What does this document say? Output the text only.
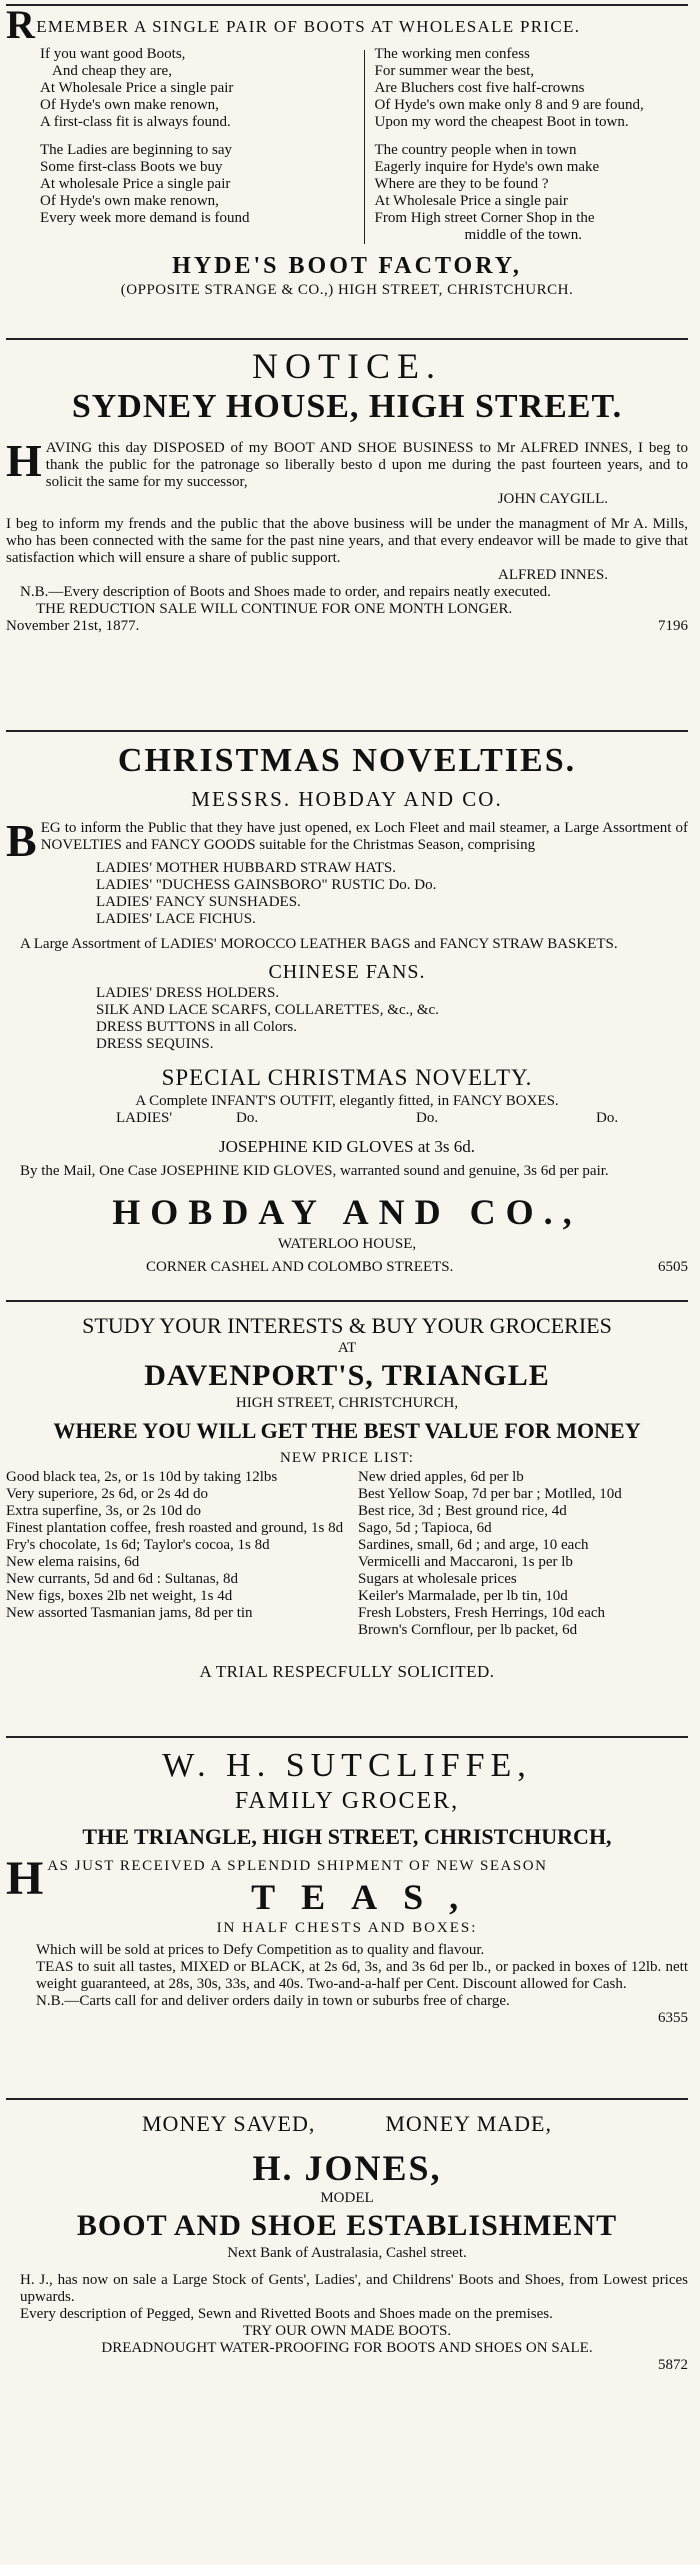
REMEMBER A SINGLE PAIR OF BOOTS AT WHOLESALE PRICE.
If you want good Boots,
And cheap they are,
At Wholesale Price a single pair
Of Hyde's own make renown,
A first-class fit is always found.
The Ladies are beginning to say
Some first-class Boots we buy
At wholesale Price a single pair
Of Hyde's own make renown,
Every week more demand is found
The working men confess
For summer wear the best,
Are Bluchers cost five half-crowns
Of Hyde's own make only 8 and 9 are found,
Upon my word the cheapest Boot in town.
The country people when in town
Eagerly inquire for Hyde's own make
Where are they to be found ?
At Wholesale Price a single pair
From High street Corner Shop in the
middle of the town.
HYDE'S BOOT FACTORY,
(OPPOSITE STRANGE & CO.,) HIGH STREET, CHRISTCHURCH.
NOTICE.
SYDNEY HOUSE, HIGH STREET.
HAVING this day DISPOSED of my BOOT AND SHOE BUSINESS to Mr ALFRED INNES, I beg to thank the public for the patronage so liberally besto d upon me during the past fourteen years, and to solicit the same for my successor,
JOHN CAYGILL.
I beg to inform my frends and the public that the above business will be under the managment of Mr A. Mills, who has been connected with the same for the past nine years, and that every endeavor will be made to give that satisfaction which will ensure a share of public support.
ALFRED INNES.
N.B.—Every description of Boots and Shoes made to order, and repairs neatly executed.
THE REDUCTION SALE WILL CONTINUE FOR ONE MONTH LONGER.
November 21st, 1877.	7196
CHRISTMAS NOVELTIES.
MESSRS. HOBDAY AND CO.
BEG to inform the Public that they have just opened, ex Loch Fleet and mail steamer, a Large Assortment of NOVELTIES and FANCY GOODS suitable for the Christmas Season, comprising
LADIES' MOTHER HUBBARD STRAW HATS.
LADIES' "DUCHESS GAINSBORO" RUSTIC Do. Do.
LADIES' FANCY SUNSHADES.
LADIES' LACE FICHUS.
A Large Assortment of LADIES' MOROCCO LEATHER BAGS and FANCY STRAW BASKETS.
CHINESE FANS.
LADIES' DRESS HOLDERS.
SILK AND LACE SCARFS, COLLARETTES, &c., &c.
DRESS BUTTONS in all Colors.
DRESS SEQUINS.
SPECIAL CHRISTMAS NOVELTY.
A Complete INFANT'S OUTFIT, elegantly fitted, in FANCY BOXES.
LADIES'	Do.	Do.	Do.
JOSEPHINE KID GLOVES at 3s 6d.
By the Mail, One Case JOSEPHINE KID GLOVES, warranted sound and genuine, 3s 6d per pair.
HOBDAY AND CO.,
WATERLOO HOUSE,
CORNER CASHEL AND COLOMBO STREETS.	6505
STUDY YOUR INTERESTS & BUY YOUR GROCERIES
AT
DAVENPORT'S, TRIANGLE
HIGH STREET, CHRISTCHURCH,
WHERE YOU WILL GET THE BEST VALUE FOR MONEY
NEW PRICE LIST:
Good black tea, 2s, or 1s 10d by taking 12lbs
Very superiore, 2s 6d, or 2s 4d do
Extra superfine, 3s, or 2s 10d do
Finest plantation coffee, fresh roasted and ground, 1s 8d
Fry's chocolate, 1s 6d; Taylor's cocoa, 1s 8d
New elema raisins, 6d
New currants, 5d and 6d : Sultanas, 8d
New figs, boxes 2lb net weight, 1s 4d
New assorted Tasmanian jams, 8d per tin
New dried apples, 6d per lb
Best Yellow Soap, 7d per bar ; Motlled, 10d
Best rice, 3d ; Best ground rice, 4d
Sago, 5d ; Tapioca, 6d
Sardines, small, 6d ; and arge, 10 each
Vermicelli and Maccaroni, 1s per lb
Sugars at wholesale prices
Keiler's Marmalade, per lb tin, 10d
Fresh Lobsters, Fresh Herrings, 10d each
Brown's Cornflour, per lb packet, 6d
A TRIAL RESPECFULLY SOLICITED.
W. H. SUTCLIFFE,
FAMILY GROCER,
THE TRIANGLE, HIGH STREET, CHRISTCHURCH,
H AS JUST RECEIVED A SPLENDID SHIPMENT OF NEW SEASON
TEAS,
IN HALF CHESTS AND BOXES:
Which will be sold at prices to Defy Competition as to quality and flavour.
TEAS to suit all tastes, MIXED or BLACK, at 2s 6d, 3s, and 3s 6d per lb., or packed in boxes of 12lb. nett weight guaranteed, at 28s, 30s, 33s, and 40s. Two-and-a-half per Cent. Discount allowed for Cash.
N.B.—Carts call for and deliver orders daily in town or suburbs free of charge.
6355
MONEY SAVED,	MONEY MADE,
H. JONES,
MODEL
BOOT AND SHOE ESTABLISHMENT
Next Bank of Australasia, Cashel street.
H. J., has now on sale a Large Stock of Gents', Ladies', and Childrens' Boots and Shoes, from Lowest prices upwards.
Every description of Pegged, Sewn and Rivetted Boots and Shoes made on the premises.
TRY OUR OWN MADE BOOTS.
DREADNOUGHT WATER-PROOFING FOR BOOTS AND SHOES ON SALE.
5872
